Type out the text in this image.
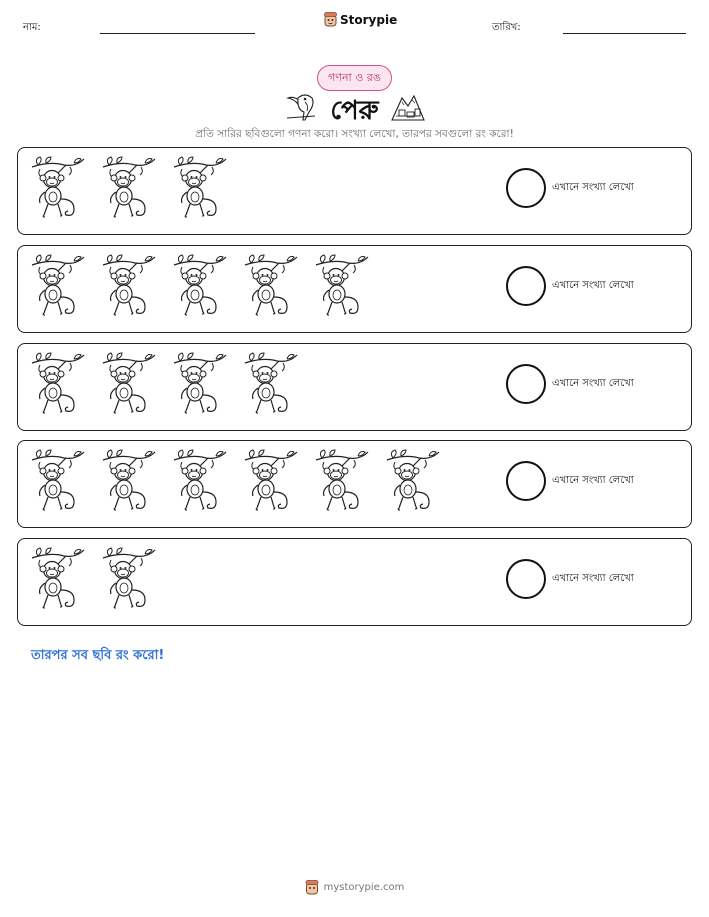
নাম:
Storypie
তারিখ:
গণনা ও রঙ
পেরু
প্রতি সারির ছবিগুলো গণনা করো। সংখ্যা লেখো, তারপর সবগুলো রং করো!
এখানে সংখ্যা লেখো
এখানে সংখ্যা লেখো
এখানে সংখ্যা লেখো
এখানে সংখ্যা লেখো
এখানে সংখ্যা লেখো
তারপর সব ছবি রং করো!
mystorypie.com
